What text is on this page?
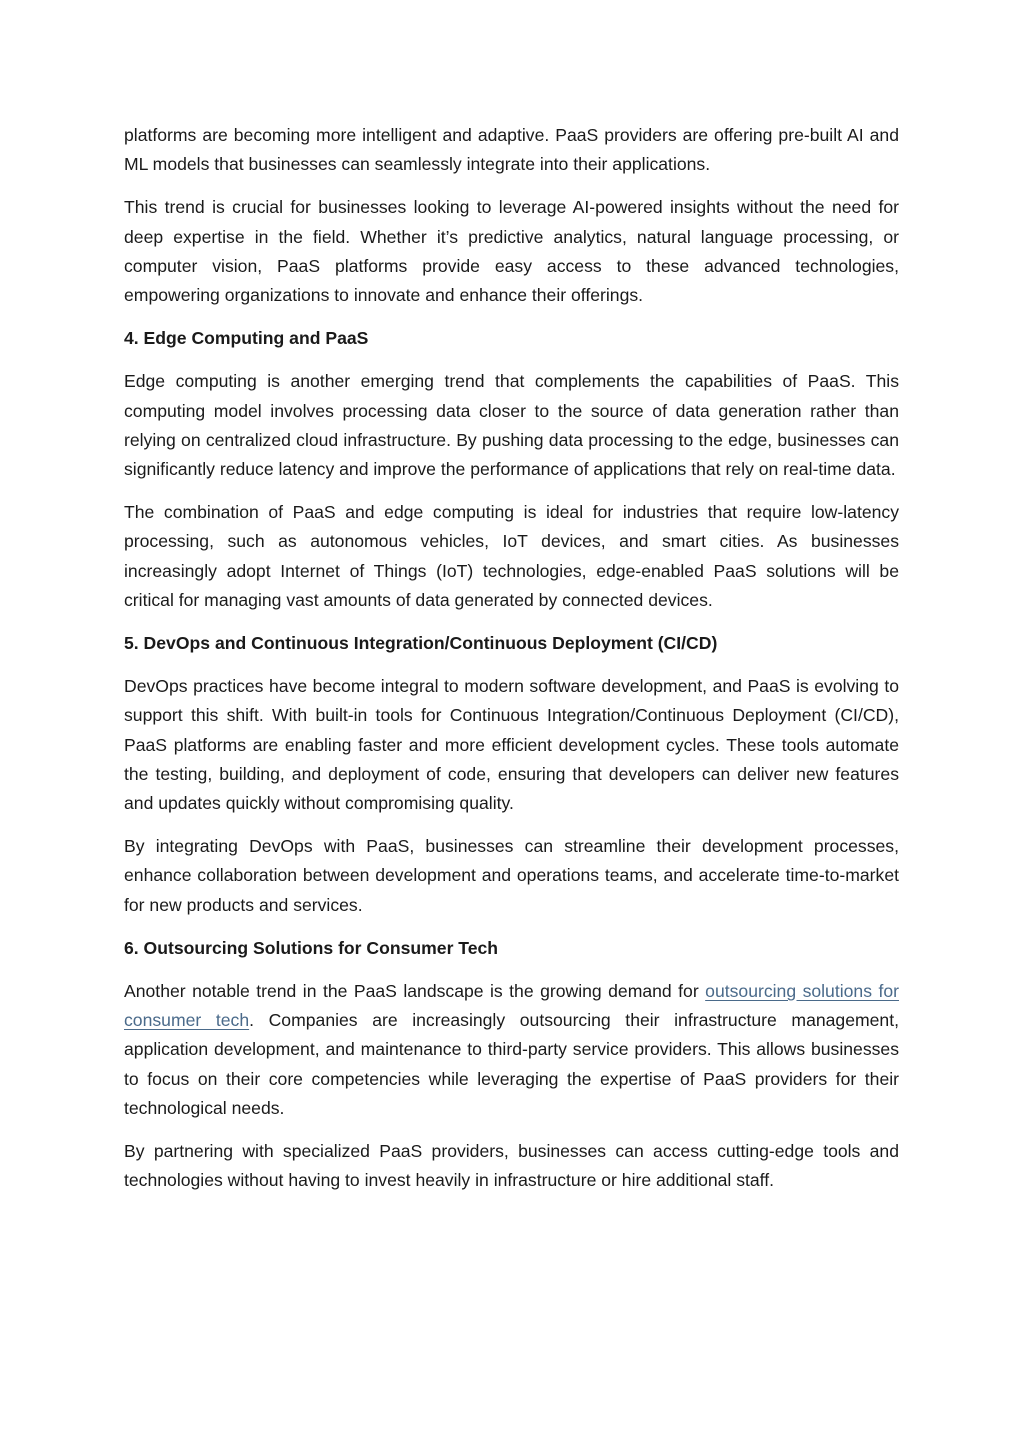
platforms are becoming more intelligent and adaptive. PaaS providers are offering pre-built AI and ML models that businesses can seamlessly integrate into their applications.

This trend is crucial for businesses looking to leverage AI-powered insights without the need for deep expertise in the field. Whether it’s predictive analytics, natural language processing, or computer vision, PaaS platforms provide easy access to these advanced technologies, empowering organizations to innovate and enhance their offerings.

4. Edge Computing and PaaS

Edge computing is another emerging trend that complements the capabilities of PaaS. This computing model involves processing data closer to the source of data generation rather than relying on centralized cloud infrastructure. By pushing data processing to the edge, businesses can significantly reduce latency and improve the performance of applications that rely on real-time data.

The combination of PaaS and edge computing is ideal for industries that require low-latency processing, such as autonomous vehicles, IoT devices, and smart cities. As businesses increasingly adopt Internet of Things (IoT) technologies, edge-enabled PaaS solutions will be critical for managing vast amounts of data generated by connected devices.

5. DevOps and Continuous Integration/Continuous Deployment (CI/CD)

DevOps practices have become integral to modern software development, and PaaS is evolving to support this shift. With built-in tools for Continuous Integration/Continuous Deployment (CI/CD), PaaS platforms are enabling faster and more efficient development cycles. These tools automate the testing, building, and deployment of code, ensuring that developers can deliver new features and updates quickly without compromising quality.

By integrating DevOps with PaaS, businesses can streamline their development processes, enhance collaboration between development and operations teams, and accelerate time-to-market for new products and services.

6. Outsourcing Solutions for Consumer Tech

Another notable trend in the PaaS landscape is the growing demand for outsourcing solutions for consumer tech. Companies are increasingly outsourcing their infrastructure management, application development, and maintenance to third-party service providers. This allows businesses to focus on their core competencies while leveraging the expertise of PaaS providers for their technological needs.

By partnering with specialized PaaS providers, businesses can access cutting-edge tools and technologies without having to invest heavily in infrastructure or hire additional staff.
